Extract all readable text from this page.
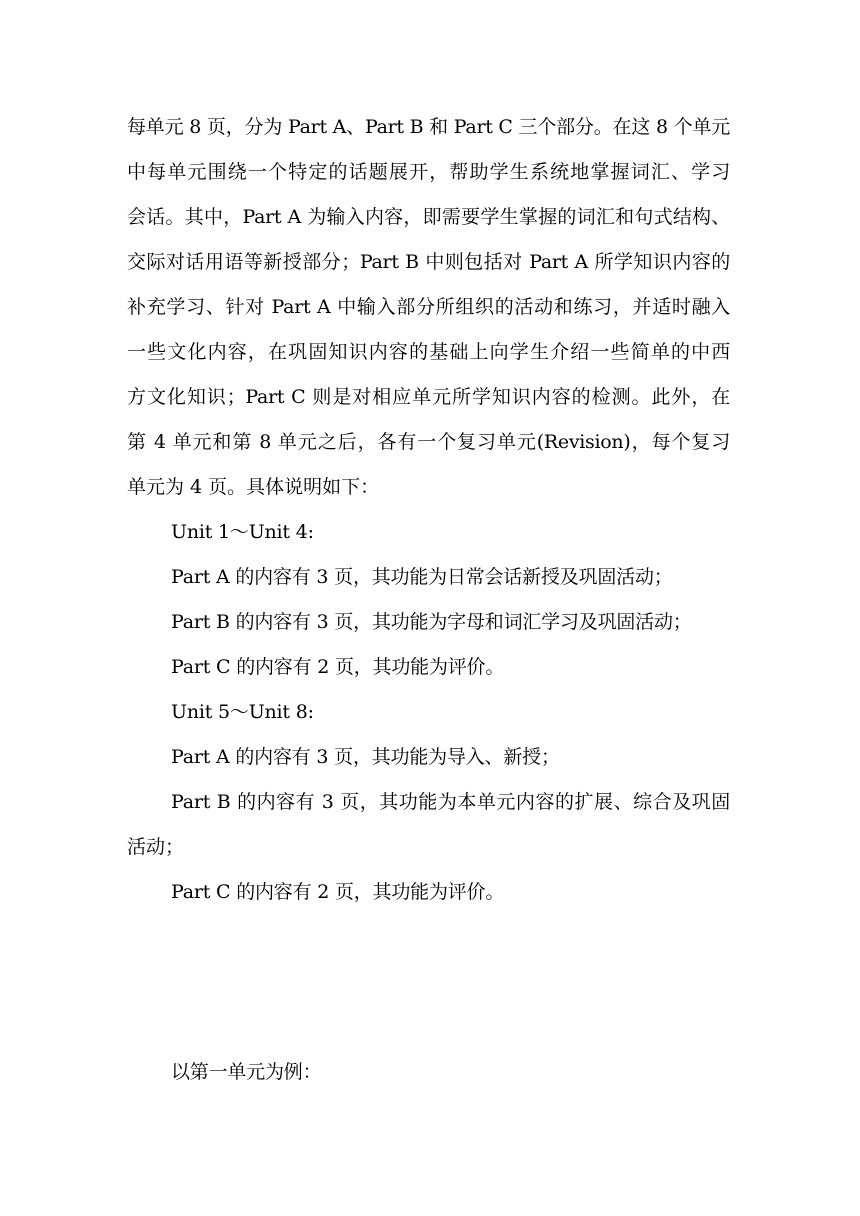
每单元 8 页，分为 Part A、Part B 和 Part C 三个部分。在这 8 个单元
中每单元围绕一个特定的话题展开，帮助学生系统地掌握词汇、学习
会话。其中，Part A 为输入内容，即需要学生掌握的词汇和句式结构、
交际对话用语等新授部分；Part B 中则包括对 Part A 所学知识内容的
补充学习、针对 Part A 中输入部分所组织的活动和练习，并适时融入
一些文化内容，在巩固知识内容的基础上向学生介绍一些简单的中西
方文化知识；Part C 则是对相应单元所学知识内容的检测。此外，在
第 4 单元和第 8 单元之后，各有一个复习单元(Revision)，每个复习
单元为 4 页。具体说明如下：
Unit 1～Unit 4:
Part A 的内容有 3 页，其功能为日常会话新授及巩固活动；
Part B 的内容有 3 页，其功能为字母和词汇学习及巩固活动；
Part C 的内容有 2 页，其功能为评价。
Unit 5～Unit 8:
Part A 的内容有 3 页，其功能为导入、新授；
Part B 的内容有 3 页，其功能为本单元内容的扩展、综合及巩固
活动；
Part C 的内容有 2 页，其功能为评价。
以第一单元为例：
